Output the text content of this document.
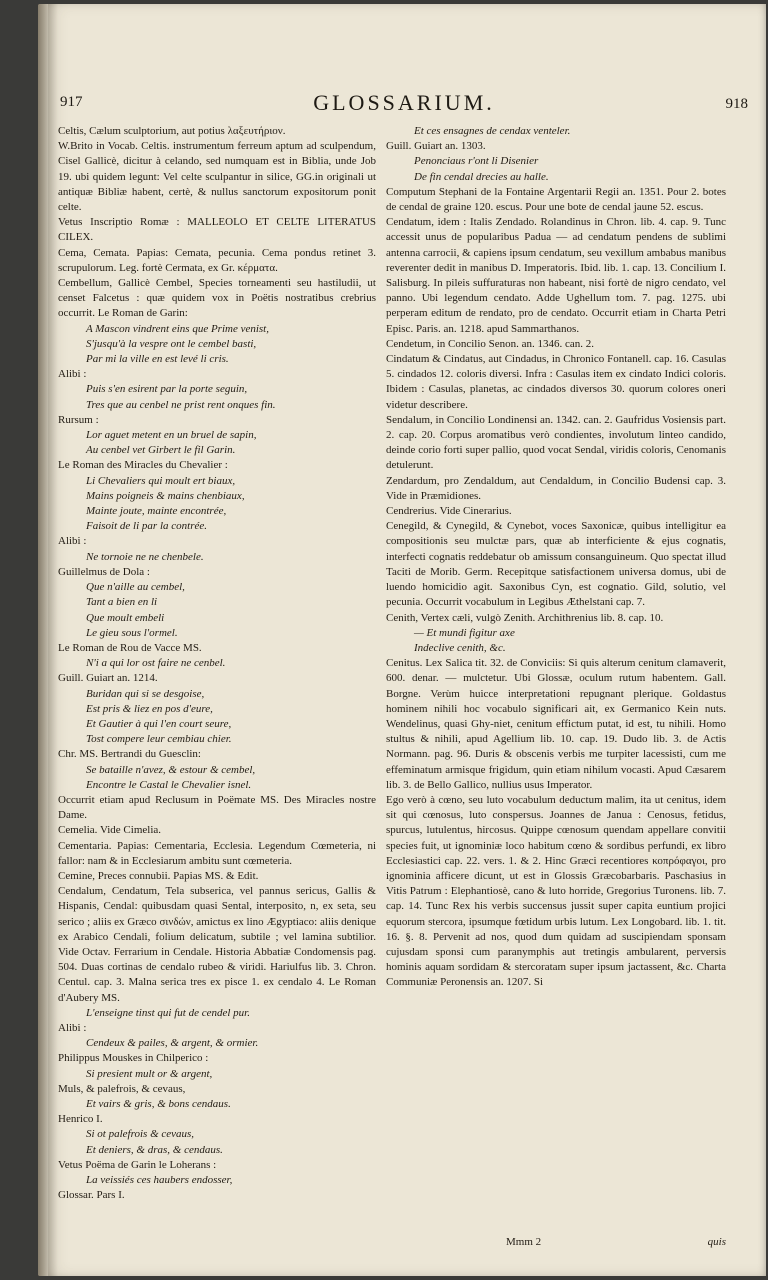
917	GLOSSARIUM.	918

Celtis, Cælum sculptorium, aut potius λαξευτήριον.

W.Brito in Vocab. Celtis. instrumentum ferreum aptum ad sculpendum, Cisel Gallicè, dicitur à celando, sed numquam est in Biblia, unde Job 19. ubi quidem legunt: Vel celte sculpantur in silice, GG.in originali ut antiquæ Bibliæ habent, certè, & nullus sanctorum expositorum ponit celte.

Vetus Inscriptio Romæ : MALLEOLO ET CELTE LITERATUS CILEX.

Cema, Cemata. Papias: Cemata, pecunia. Cema pondus retinet 3. scrupulorum. Leg. fortè Cermata, ex Gr. κέρματα.

Cembellum, Gallicè Cembel, Species torneamenti seu hastiludii, ut censet Falcetus : quæ quidem vox in Poëtis nostratibus crebrius occurrit. Le Roman de Garin:

A Mascon vindrent eins que Prime venist,

S'jusqu'à la vespre ont le cembel basti,

Par mi la ville en est levé li cris.

Alibi :

Puis s'en esirent par la porte seguin,

Tres que au cenbel ne prist rent onques fin.

Rursum :

Lor aguet metent en un bruel de sapin,

Au cenbel vet Girbert le fil Garin.

Le Roman des Miracles du Chevalier :

Li Chevaliers qui moult ert biaux,

Mains poigneis & mains chenbiaux,

Mainte joute, mainte encontrée,

Faisoit de li par la contrée.

Alibi :

Ne tornoie ne ne chenbele.

Guillelmus de Dola :

Que n'aille au cembel,

Tant a bien en li

Que moult embeli

Le gieu sous l'ormel.

Le Roman de Rou de Vacce MS.

N'i a qui lor ost faire ne cenbel.

Guill. Guiart an. 1214.

Buridan qui si se desgoise,

Est pris & liez en pos d'eure,

Et Gautier à qui l'en court seure,

Tost compere leur cembiau chier.

Chr. MS. Bertrandi du Guesclin:

Se bataille n'avez, & estour & cembel,

Encontre le Castal le Chevalier isnel.

Occurrit etiam apud Reclusum in Poëmate MS. Des Miracles nostre Dame.

Cemelia. Vide Cimelia.

Cementaria. Papias: Cementaria, Ecclesia. Legendum Cœmeteria, ni fallor: nam & in Ecclesiarum ambitu sunt cœmeteria.

Cemine, Preces connubii. Papias MS. & Edit.

Cendalum, Cendatum, Tela subserica, vel pannus sericus, Gallis & Hispanis, Cendal: quibusdam quasi Sental, interposito, n, ex seta, seu serico ; aliis ex Græco σινδών, amictus ex lino Ægyptiaco: aliis denique ex Arabico Cendali, folium delicatum, subtile ; vel lamina subtilior. Vide Octav. Ferrarium in Cendale. Historia Abbatiæ Condomensis pag. 504. Duas cortinas de cendalo rubeo & viridi. Hariulfus lib. 3. Chron. Centul. cap. 3. Malna serica tres ex pisce 1. ex cendalo 4. Le Roman d'Aubery MS.

L'enseigne tinst qui fut de cendel pur.

Alibi :

Cendeux & pailes, & argent, & ormier.

Philippus Mouskes in Chilperico :

Si presient mult or & argent,

Muls, & palefrois, & cevaus,

Et vairs & gris, & bons cendaus.

Henrico I.

Si ot palefrois & cevaus,

Et deniers, & dras, & cendaus.

Vetus Poëma de Garin le Loherans :

La veissiés ces haubers endosser,

Glossar. Pars I.

Et ces ensagnes de cendax venteler.

Guill. Guiart an. 1303.

Penonciaus r'ont li Disenier

De fin cendal drecies au halle.

Computum Stephani de la Fontaine Argentarii Regii an. 1351. Pour 2. botes de cendal de graine 120. escus. Pour une bote de cendal jaune 52. escus.

Cendatum, idem : Italis Zendado. Rolandinus in Chron. lib. 4. cap. 9. Tunc accessit unus de popularibus Padua — ad cendatum pendens de sublimi antenna carrocii, & capiens ipsum cendatum, seu vexillum ambabus manibus reverenter dedit in manibus D. Imperatoris. Ibid. lib. 1. cap. 13. Concilium I. Salisburg. In pileis suffuraturas non habeant, nisi fortè de nigro cendato, vel panno. Ubi legendum cendato. Adde Ughellum tom. 7. pag. 1275. ubi perperam editum de rendato, pro de cendato. Occurrit etiam in Charta Petri Episc. Paris. an. 1218. apud Sammarthanos.

Cendetum, in Concilio Senon. an. 1346. can. 2.

Cindatum & Cindatus, aut Cindadus, in Chronico Fontanell. cap. 16. Casulas 5. cindados 12. coloris diversi. Infra : Casulas item ex cindato Indici coloris. Ibidem : Casulas, planetas, ac cindados diversos 30. quorum colores oneri videtur describere.

Sendalum, in Concilio Londinensi an. 1342. can. 2. Gaufridus Vosiensis part. 2. cap. 20. Corpus aromatibus verò condientes, involutum linteo candido, deinde corio forti super pallio, quod vocat Sendal, viridis coloris, Cenomanis detulerunt.

Zendardum, pro Zendaldum, aut Cendaldum, in Concilio Budensi cap. 3. Vide in Præmidiones.

Cendrerius. Vide Cinerarius.

Cenegild, & Cynegild, & Cynebot, voces Saxonicæ, quibus intelligitur ea compositionis seu mulctæ pars, quæ ab interficiente & ejus cognatis, interfecti cognatis reddebatur ob amissum consanguineum. Quo spectat illud Taciti de Morib. Germ. Recepitque satisfactionem universa domus, ubi de luendo homicidio agit. Saxonibus Cyn, est cognatio. Gild, solutio, vel pecunia. Occurrit vocabulum in Legibus Æthelstani cap. 7.

Cenith, Vertex cæli, vulgò Zenith. Archithrenius lib. 8. cap. 10.

— Et mundi figitur axe

Indeclive cenith, &c.

Cenitus. Lex Salica tit. 32. de Conviciis: Si quis alterum cenitum clamaverit, 600. denar. — mulctetur. Ubi Glossæ, oculum rutum habentem. Gall. Borgne. Verùm huicce interpretationi repugnant plerique. Goldastus hominem nihili hoc vocabulo significari ait, ex Germanico Kein nuts. Wendelinus, quasi Ghy-niet, cenitum effictum putat, id est, tu nihili. Homo stultus & nihili, apud Agellium lib. 10. cap. 19. Dudo lib. 3. de Actis Normann. pag. 96. Duris & obscenis verbis me turpiter lacessisti, cum me effeminatum armisque frigidum, quin etiam nihilum vocasti. Apud Cæsarem lib. 3. de Bello Gallico, nullius usus Imperator.

Ego verò à cœno, seu luto vocabulum deductum malim, ita ut cenitus, idem sit qui cœnosus, luto conspersus. Joannes de Janua : Cenosus, fetidus, spurcus, lutulentus, hircosus. Quippe cœnosum quendam appellare convitii species fuit, ut ignominiæ loco habitum cœno & sordibus perfundi, ex libro Ecclesiastici cap. 22. vers. 1. & 2. Hinc Græci recentiores κοπρόφαγοι, pro ignominia afficere dicunt, ut est in Glossis Græcobarbaris. Paschasius in Vitis Patrum : Elephantiosè, cano & luto horride, Gregorius Turonens. lib. 7. cap. 14. Tunc Rex his verbis succensus jussit super capita euntium projici equorum stercora, ipsumque fœtidum urbis lutum. Lex Longobard. lib. 1. tit. 16. §. 8. Pervenit ad nos, quod dum quidam ad suscipiendam sponsam cujusdam sponsi cum paranymphis aut tretingis ambularent, perversis hominis aquam sordidam & stercoratam super ipsum jactassent, &c. Charta Communiæ Peronensis an. 1207. Si

Mmm 2	quis
